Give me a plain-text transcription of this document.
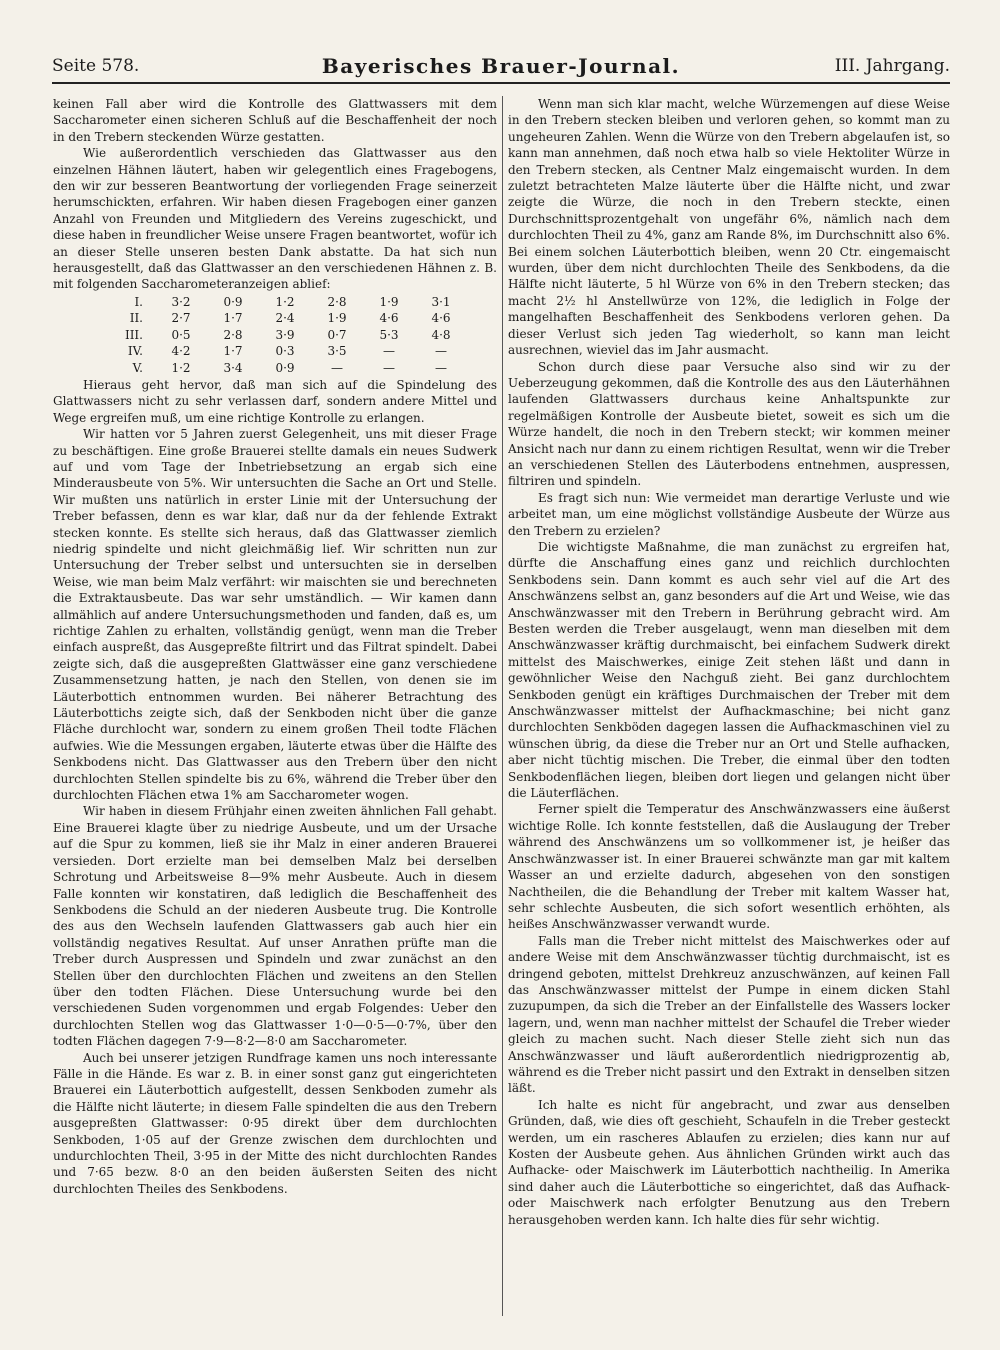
Seite 578.	Bayerisches Brauer-Journal.	III. Jahrgang.

keinen Fall aber wird die Kontrolle des Glattwassers mit dem Saccharometer einen sicheren Schluß auf die Beschaffenheit der noch in den Trebern steckenden Würze gestatten.

Wie außerordentlich verschieden das Glattwasser aus den einzelnen Hähnen läutert, haben wir gelegentlich eines Fragebogens, den wir zur besseren Beantwortung der vorliegenden Frage seinerzeit herumschickten, erfahren. Wir haben diesen Fragebogen einer ganzen Anzahl von Freunden und Mitgliedern des Vereins zugeschickt, und diese haben in freundlicher Weise unsere Fragen beantwortet, wofür ich an dieser Stelle unseren besten Dank abstatte. Da hat sich nun herausgestellt, daß das Glattwasser an den verschiedenen Hähnen z. B. mit folgenden Saccharometeranzeigen ablief:

I.	3·2	0·9	1·2	2·8	1·9	3·1
II.	2·7	1·7	2·4	1·9	4·6	4·6
III.	0·5	2·8	3·9	0·7	5·3	4·8
IV.	4·2	1·7	0·3	3·5	—	—
V.	1·2	3·4	0·9	—	—	—

Hieraus geht hervor, daß man sich auf die Spindelung des Glattwassers nicht zu sehr verlassen darf, sondern andere Mittel und Wege ergreifen muß, um eine richtige Kontrolle zu erlangen.

Wir hatten vor 5 Jahren zuerst Gelegenheit, uns mit dieser Frage zu beschäftigen. Eine große Brauerei stellte damals ein neues Sudwerk auf und vom Tage der Inbetriebsetzung an ergab sich eine Minderausbeute von 5%. Wir untersuchten die Sache an Ort und Stelle. Wir mußten uns natürlich in erster Linie mit der Untersuchung der Treber befassen, denn es war klar, daß nur da der fehlende Extrakt stecken konnte. Es stellte sich heraus, daß das Glattwasser ziemlich niedrig spindelte und nicht gleichmäßig lief. Wir schritten nun zur Untersuchung der Treber selbst und untersuchten sie in derselben Weise, wie man beim Malz verfährt: wir maischten sie und berechneten die Extraktausbeute. Das war sehr umständlich. — Wir kamen dann allmählich auf andere Untersuchungsmethoden und fanden, daß es, um richtige Zahlen zu erhalten, vollständig genügt, wenn man die Treber einfach auspreßt, das Ausgepreßte filtrirt und das Filtrat spindelt. Dabei zeigte sich, daß die ausgepreßten Glattwässer eine ganz verschiedene Zusammensetzung hatten, je nach den Stellen, von denen sie im Läuterbottich entnommen wurden. Bei näherer Betrachtung des Läuterbottichs zeigte sich, daß der Senkboden nicht über die ganze Fläche durchlocht war, sondern zu einem großen Theil todte Flächen aufwies. Wie die Messungen ergaben, läuterte etwas über die Hälfte des Senkbodens nicht. Das Glattwasser aus den Trebern über den nicht durchlochten Stellen spindelte bis zu 6%, während die Treber über den durchlochten Flächen etwa 1% am Saccharometer wogen.

Wir haben in diesem Frühjahr einen zweiten ähnlichen Fall gehabt. Eine Brauerei klagte über zu niedrige Ausbeute, und um der Ursache auf die Spur zu kommen, ließ sie ihr Malz in einer anderen Brauerei versieden. Dort erzielte man bei demselben Malz bei derselben Schrotung und Arbeitsweise 8—9% mehr Ausbeute. Auch in diesem Falle konnten wir konstatiren, daß lediglich die Beschaffenheit des Senkbodens die Schuld an der niederen Ausbeute trug. Die Kontrolle des aus den Wechseln laufenden Glattwassers gab auch hier ein vollständig negatives Resultat. Auf unser Anrathen prüfte man die Treber durch Auspressen und Spindeln und zwar zunächst an den Stellen über den durchlochten Flächen und zweitens an den Stellen über den todten Flächen. Diese Untersuchung wurde bei den verschiedenen Suden vorgenommen und ergab Folgendes: Ueber den durchlochten Stellen wog das Glattwasser 1·0—0·5—0·7%, über den todten Flächen dagegen 7·9—8·2—8·0 am Saccharometer.

Auch bei unserer jetzigen Rundfrage kamen uns noch interessante Fälle in die Hände. Es war z. B. in einer sonst ganz gut eingerichteten Brauerei ein Läuterbottich aufgestellt, dessen Senkboden zumehr als die Hälfte nicht läuterte; in diesem Falle spindelten die aus den Trebern ausgepreßten Glattwasser: 0·95 direkt über dem durchlochten Senkboden, 1·05 auf der Grenze zwischen dem durchlochten und undurchlochten Theil, 3·95 in der Mitte des nicht durchlochten Randes und 7·65 bezw. 8·0 an den beiden äußersten Seiten des nicht durchlochten Theiles des Senkbodens.

Wenn man sich klar macht, welche Würzemengen auf diese Weise in den Trebern stecken bleiben und verloren gehen, so kommt man zu ungeheuren Zahlen. Wenn die Würze von den Trebern abgelaufen ist, so kann man annehmen, daß noch etwa halb so viele Hektoliter Würze in den Trebern stecken, als Centner Malz eingemaischt wurden. In dem zuletzt betrachteten Malze läuterte über die Hälfte nicht, und zwar zeigte die Würze, die noch in den Trebern steckte, einen Durchschnittsprozentgehalt von ungefähr 6%, nämlich nach dem durchlochten Theil zu 4%, ganz am Rande 8%, im Durchschnitt also 6%. Bei einem solchen Läuterbottich bleiben, wenn 20 Ctr. eingemaischt wurden, über dem nicht durchlochten Theile des Senkbodens, da die Hälfte nicht läuterte, 5 hl Würze von 6% in den Trebern stecken; das macht 2½ hl Anstellwürze von 12%, die lediglich in Folge der mangelhaften Beschaffenheit des Senkbodens verloren gehen. Da dieser Verlust sich jeden Tag wiederholt, so kann man leicht ausrechnen, wieviel das im Jahr ausmacht.

Schon durch diese paar Versuche also sind wir zu der Ueberzeugung gekommen, daß die Kontrolle des aus den Läuterhähnen laufenden Glattwassers durchaus keine Anhaltspunkte zur regelmäßigen Kontrolle der Ausbeute bietet, soweit es sich um die Würze handelt, die noch in den Trebern steckt; wir kommen meiner Ansicht nach nur dann zu einem richtigen Resultat, wenn wir die Treber an verschiedenen Stellen des Läuterbodens entnehmen, auspressen, filtriren und spindeln.

Es fragt sich nun: Wie vermeidet man derartige Verluste und wie arbeitet man, um eine möglichst vollständige Ausbeute der Würze aus den Trebern zu erzielen?

Die wichtigste Maßnahme, die man zunächst zu ergreifen hat, dürfte die Anschaffung eines ganz und reichlich durchlochten Senkbodens sein. Dann kommt es auch sehr viel auf die Art des Anschwänzens selbst an, ganz besonders auf die Art und Weise, wie das Anschwänzwasser mit den Trebern in Berührung gebracht wird. Am Besten werden die Treber ausgelaugt, wenn man dieselben mit dem Anschwänzwasser kräftig durchmaischt, bei einfachem Sudwerk direkt mittelst des Maischwerkes, einige Zeit stehen läßt und dann in gewöhnlicher Weise den Nachguß zieht. Bei ganz durchlochtem Senkboden genügt ein kräftiges Durchmaischen der Treber mit dem Anschwänzwasser mittelst der Aufhackmaschine; bei nicht ganz durchlochten Senkböden dagegen lassen die Aufhackmaschinen viel zu wünschen übrig, da diese die Treber nur an Ort und Stelle aufhacken, aber nicht tüchtig mischen. Die Treber, die einmal über den todten Senkbodenflächen liegen, bleiben dort liegen und gelangen nicht über die Läuterflächen.

Ferner spielt die Temperatur des Anschwänzwassers eine äußerst wichtige Rolle. Ich konnte feststellen, daß die Auslaugung der Treber während des Anschwänzens um so vollkommener ist, je heißer das Anschwänzwasser ist. In einer Brauerei schwänzte man gar mit kaltem Wasser an und erzielte dadurch, abgesehen von den sonstigen Nachtheilen, die die Behandlung der Treber mit kaltem Wasser hat, sehr schlechte Ausbeuten, die sich sofort wesentlich erhöhten, als heißes Anschwänzwasser verwandt wurde.

Falls man die Treber nicht mittelst des Maischwerkes oder auf andere Weise mit dem Anschwänzwasser tüchtig durchmaischt, ist es dringend geboten, mittelst Drehkreuz anzuschwänzen, auf keinen Fall das Anschwänzwasser mittelst der Pumpe in einem dicken Stahl zuzupumpen, da sich die Treber an der Einfallstelle des Wassers locker lagern, und, wenn man nachher mittelst der Schaufel die Treber wieder gleich zu machen sucht. Nach dieser Stelle zieht sich nun das Anschwänzwasser und läuft außerordentlich niedrigprozentig ab, während es die Treber nicht passirt und den Extrakt in denselben sitzen läßt.

Ich halte es nicht für angebracht, und zwar aus denselben Gründen, daß, wie dies oft geschieht, Schaufeln in die Treber gesteckt werden, um ein rascheres Ablaufen zu erzielen; dies kann nur auf Kosten der Ausbeute gehen. Aus ähnlichen Gründen wirkt auch das Aufhacke- oder Maischwerk im Läuterbottich nachtheilig. In Amerika sind daher auch die Läuterbottiche so eingerichtet, daß das Aufhack- oder Maischwerk nach erfolgter Benutzung aus den Trebern herausgehoben werden kann. Ich halte dies für sehr wichtig.
